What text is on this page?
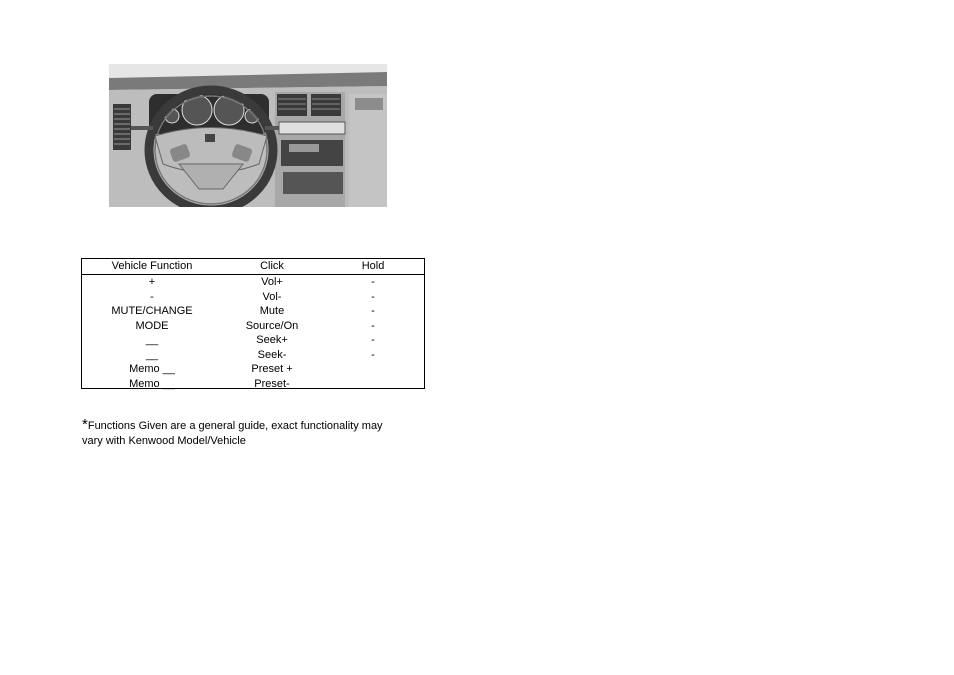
Vehicle Function	Click	Hold
+	Vol+	-
-	Vol-	-
MUTE/CHANGE	Mute	-
MODE	Source/On	-
__	Seek+	-
__	Seek-	-
Memo __	Preset +
Memo __	Preset-
*Functions Given are a general guide, exact functionality may vary with Kenwood Model/Vehicle
